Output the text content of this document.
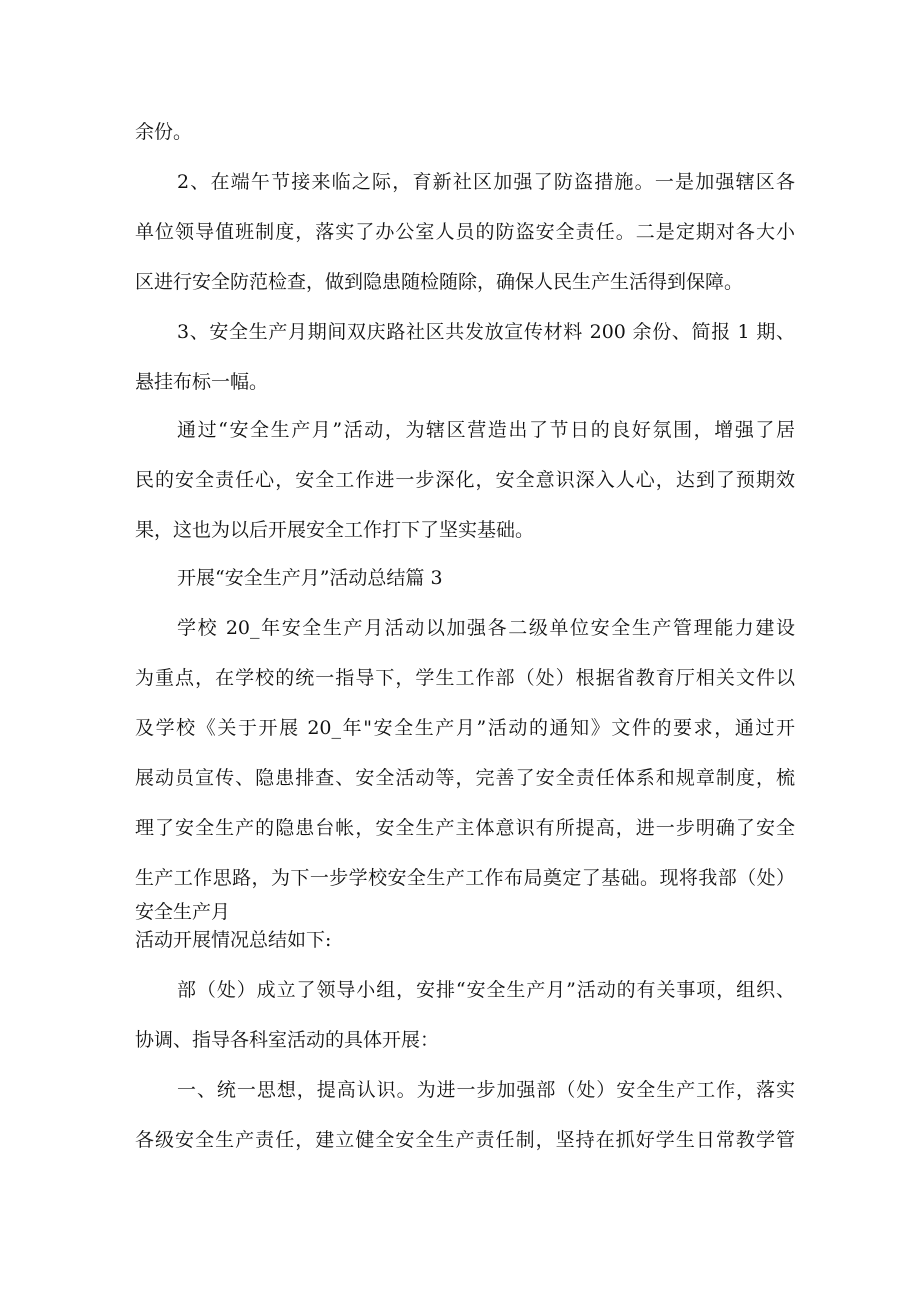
余份。
2、在端午节接来临之际，育新社区加强了防盗措施。一是加强辖区各
单位领导值班制度，落实了办公室人员的防盗安全责任。二是定期对各大小
区进行安全防范检查，做到隐患随检随除，确保人民生产生活得到保障。
3、安全生产月期间双庆路社区共发放宣传材料 200 余份、简报 1 期、
悬挂布标一幅。
通过“安全生产月”活动，为辖区营造出了节日的良好氛围，增强了居
民的安全责任心，安全工作进一步深化，安全意识深入人心，达到了预期效
果，这也为以后开展安全工作打下了坚实基础。
开展“安全生产月”活动总结篇 3
学校 20_年安全生产月活动以加强各二级单位安全生产管理能力建设
为重点，在学校的统一指导下，学生工作部（处）根据省教育厅相关文件以
及学校《关于开展 20_年"安全生产月”活动的通知》文件的要求，通过开
展动员宣传、隐患排查、安全活动等，完善了安全责任体系和规章制度，梳
理了安全生产的隐患台帐，安全生产主体意识有所提高，进一步明确了安全
生产工作思路，为下一步学校安全生产工作布局奠定了基础。现将我部（处）
安全生产月
活动开展情况总结如下:
部（处）成立了领导小组，安排“安全生产月”活动的有关事项，组织、
协调、指导各科室活动的具体开展：
一、统一思想，提高认识。为进一步加强部（处）安全生产工作，落实
各级安全生产责任，建立健全安全生产责任制，坚持在抓好学生日常教学管
